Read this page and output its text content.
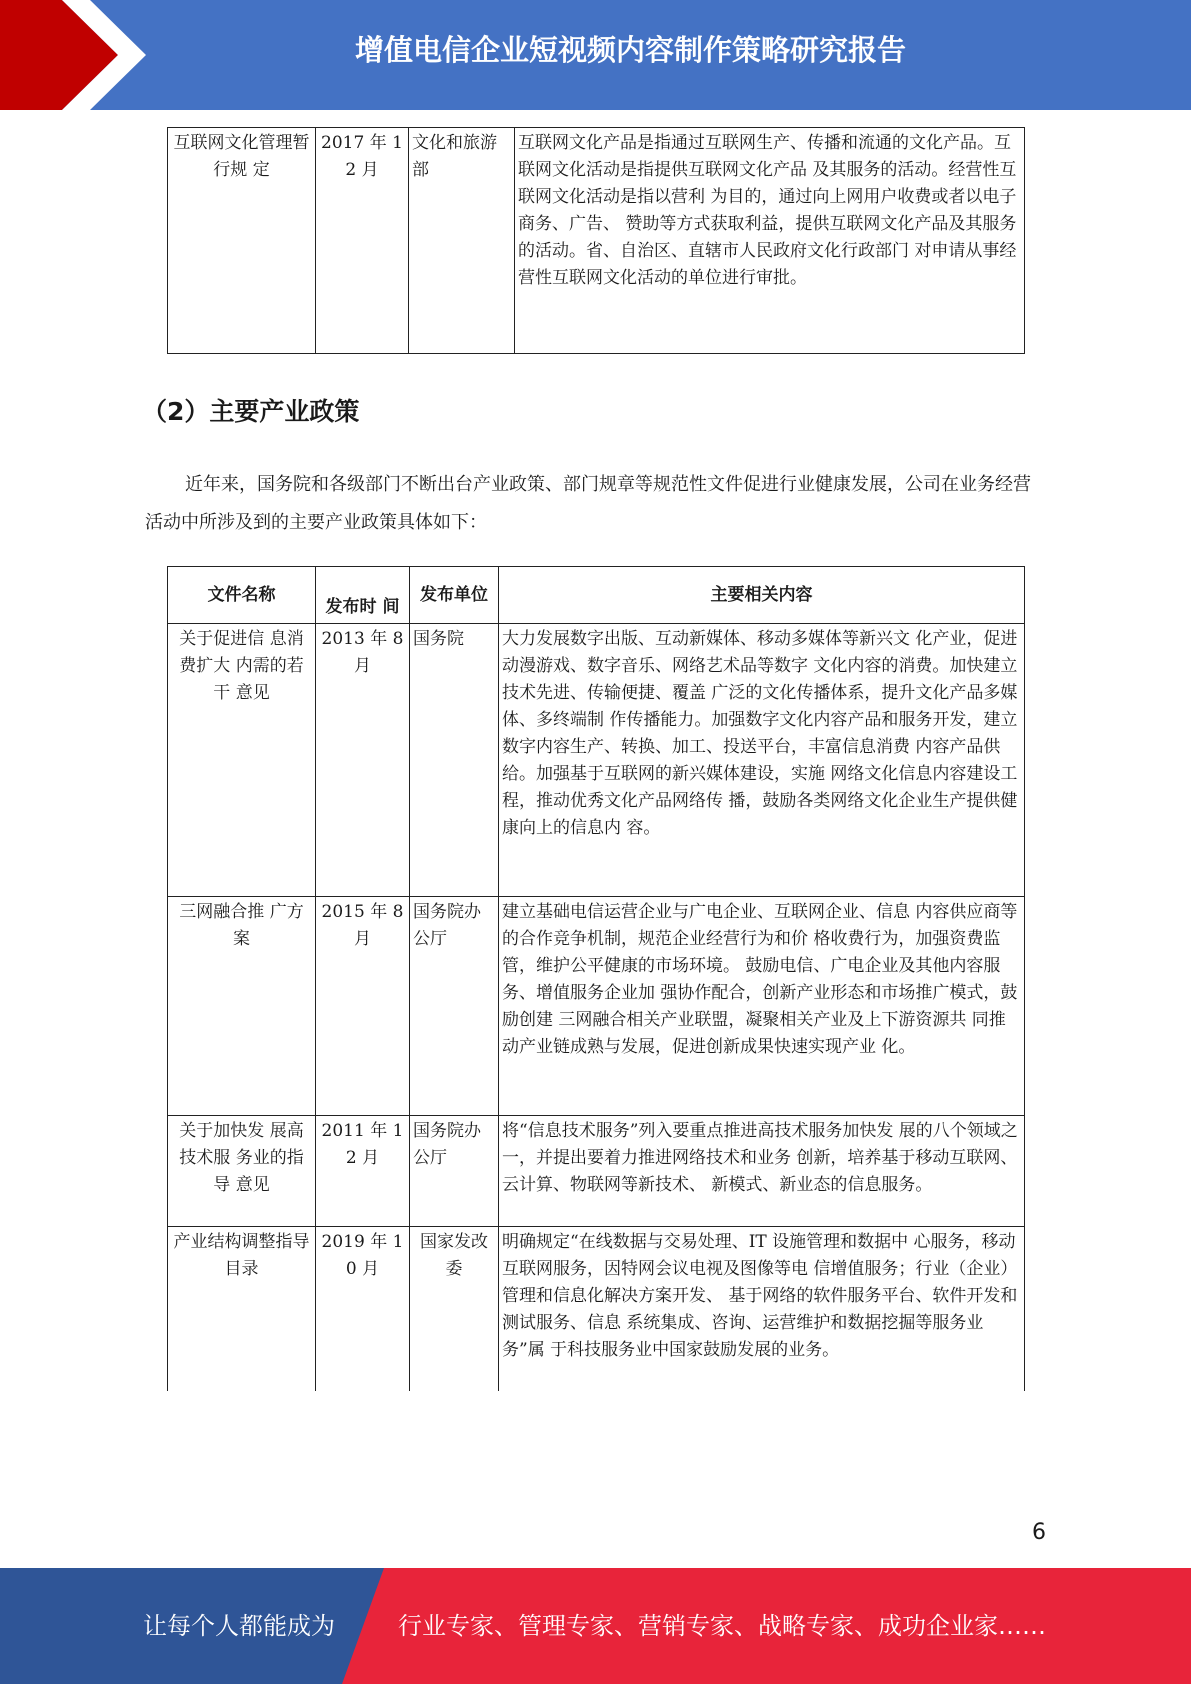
增值电信企业短视频内容制作策略研究报告
互联网文化管理暂行规 定	2017 年 12 月	文化和旅游部	互联网文化产品是指通过互联网生产、传播和流通的文化产品。互联网文化活动是指提供互联网文化产品 及其服务的活动。经营性互联网文化活动是指以营利 为目的，通过向上网用户收费或者以电子商务、广告、 赞助等方式获取利益，提供互联网文化产品及其服务 的活动。省、自治区、直辖市人民政府文化行政部门 对申请从事经营性互联网文化活动的单位进行审批。
（2）主要产业政策

近年来，国务院和各级部门不断出台产业政策、部门规章等规范性文件促进行业健康发展，公司在业务经营活动中所涉及到的主要产业政策具体如下：

文件名称	发布时 间	发布单位	主要相关内容
关于促进信 息消费扩大 内需的若干 意见	2013 年 8 月	国务院	大力发展数字出版、互动新媒体、移动多媒体等新兴文 化产业，促进动漫游戏、数字音乐、网络艺术品等数字 文化内容的消费。加快建立技术先进、传输便捷、覆盖 广泛的文化传播体系，提升文化产品多媒体、多终端制 作传播能力。加强数字文化内容产品和服务开发，建立 数字内容生产、转换、加工、投送平台，丰富信息消费 内容产品供给。加强基于互联网的新兴媒体建设，实施 网络文化信息内容建设工程，推动优秀文化产品网络传 播，鼓励各类网络文化企业生产提供健康向上的信息内 容。
三网融合推 广方案	2015 年 8 月	国务院办公厅	建立基础电信运营企业与广电企业、互联网企业、信息 内容供应商等的合作竞争机制，规范企业经营行为和价 格收费行为，加强资费监管，维护公平健康的市场环境。 鼓励电信、广电企业及其他内容服务、增值服务企业加 强协作配合，创新产业形态和市场推广模式，鼓励创建 三网融合相关产业联盟，凝聚相关产业及上下游资源共 同推动产业链成熟与发展，促进创新成果快速实现产业 化。
关于加快发 展高技术服 务业的指导 意见	2011 年 12 月	国务院办公厅	将“信息技术服务”列入要重点推进高技术服务加快发 展的八个领域之一，并提出要着力推进网络技术和业务 创新，培养基于移动互联网、云计算、物联网等新技术、 新模式、新业态的信息服务。
产业结构调整指导目录	2019 年 10 月	国家发改委	明确规定“在线数据与交易处理、IT 设施管理和数据中 心服务，移动互联网服务，因特网会议电视及图像等电 信增值服务；行业（企业）管理和信息化解决方案开发、 基于网络的软件服务平台、软件开发和测试服务、信息 系统集成、咨询、运营维护和数据挖掘等服务业务”属 于科技服务业中国家鼓励发展的业务。
6
让每个人都能成为	行业专家、管理专家、营销专家、战略专家、成功企业家……
